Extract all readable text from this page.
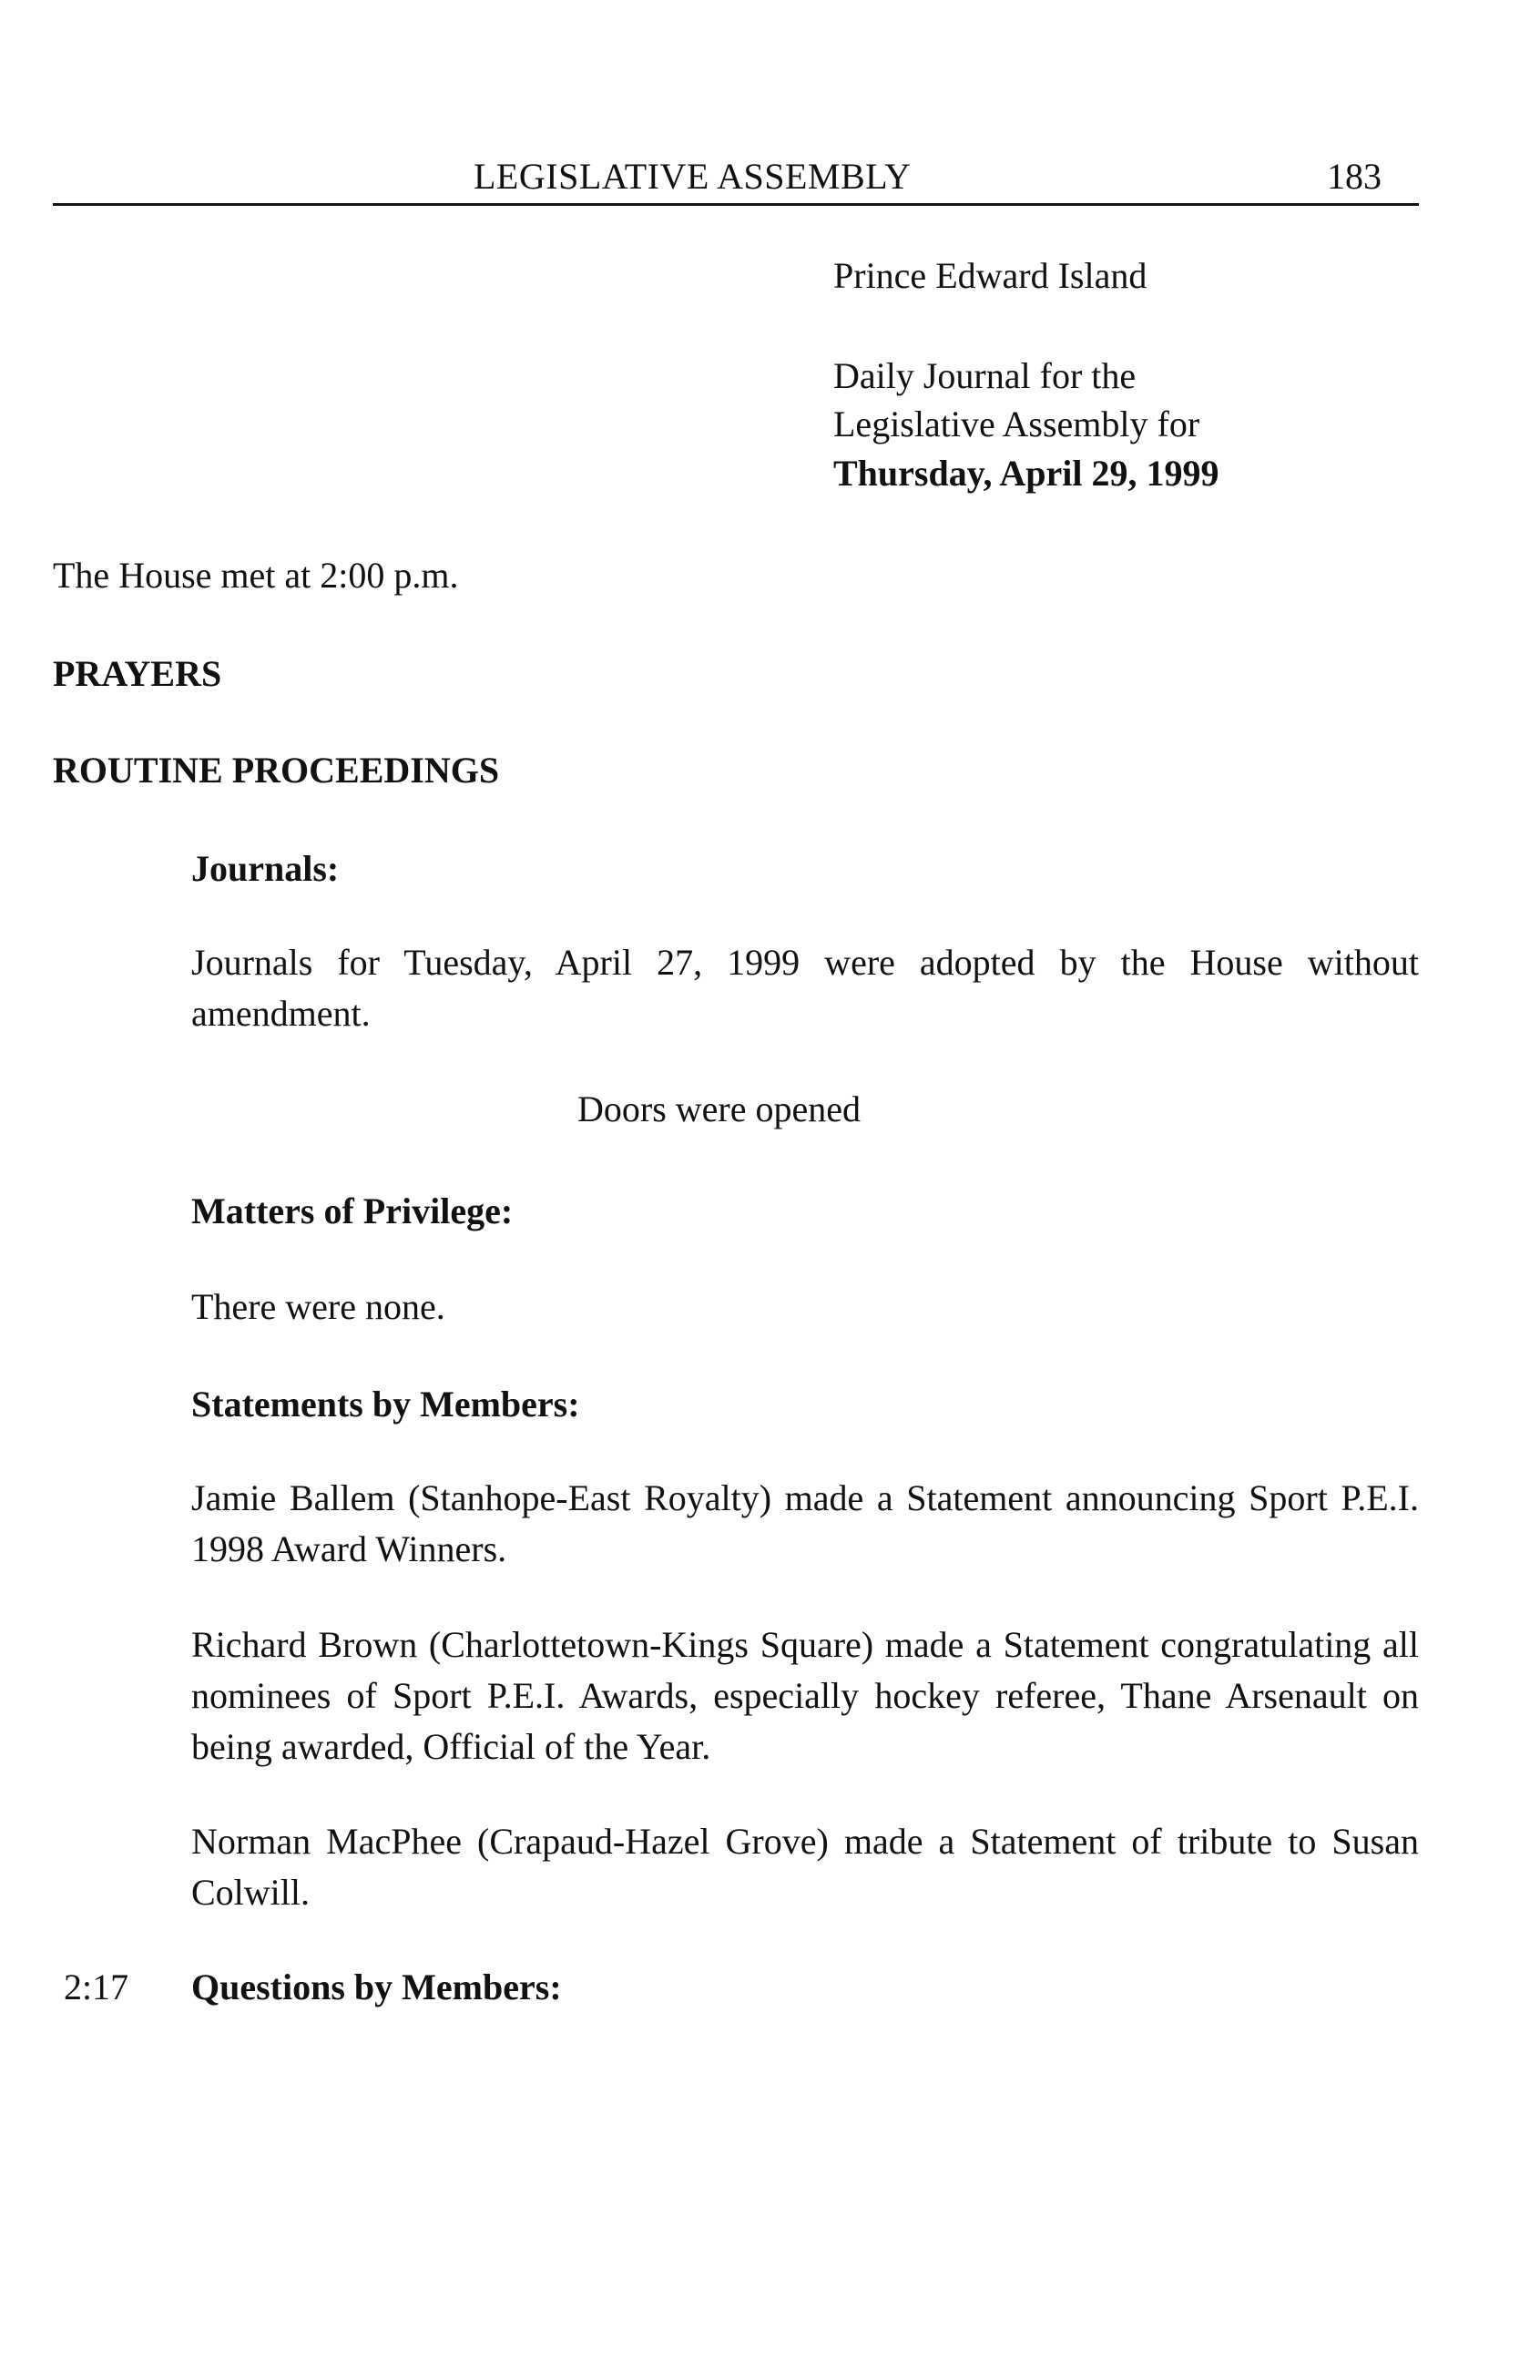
LEGISLATIVE ASSEMBLY	183
Prince Edward Island
Daily Journal for the
Legislative Assembly for
Thursday, April 29, 1999
The House met at 2:00 p.m.
PRAYERS
ROUTINE PROCEEDINGS
Journals:
Journals for Tuesday, April 27, 1999 were adopted by the House without amendment.
Doors were opened
Matters of Privilege:
There were none.
Statements by Members:
Jamie Ballem (Stanhope-East Royalty) made a Statement announcing Sport P.E.I. 1998 Award Winners.
Richard Brown (Charlottetown-Kings Square) made a Statement congratulating all nominees of Sport P.E.I. Awards, especially hockey referee, Thane Arsenault on being awarded, Official of the Year.
Norman MacPhee (Crapaud-Hazel Grove) made a Statement of tribute to Susan Colwill.
2:17 Questions by Members:
